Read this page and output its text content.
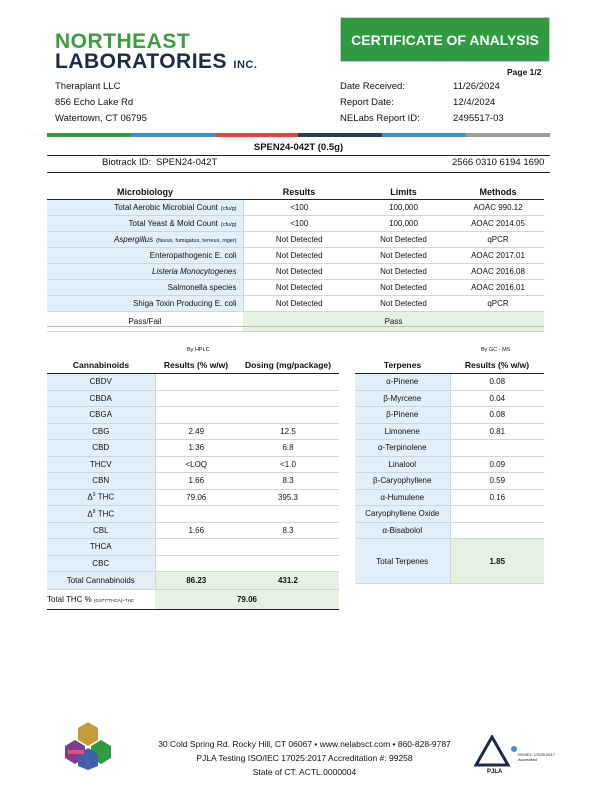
NORTHEAST
LABORATORIES INC.
CERTIFICATE OF ANALYSIS
Page 1/2
Theraplant LLC
856 Echo Lake Rd
Watertown, CT 06795
Date Received:	11/26/2024
Report Date:	12/4/2024
NELabs Report ID:	2495517-03
SPEN24-042T (0.5g)
Biotrack ID: SPEN24-042T	2566 0310 6194 1690
Microbiology	Results	Limits	Methods
Total Aerobic Microbial Count (cfu/g)	<100	100,000	AOAC 990.12
Total Yeast & Mold Count (cfu/g)	<100	100,000	AOAC 2014.05
Aspergillus (flavus, fumigatus, terreus, niger)	Not Detected	Not Detected	qPCR
Enteropathogenic E. coli	Not Detected	Not Detected	AOAC 2017.01
Listeria Monocytogenes	Not Detected	Not Detected	AOAC 2016.08
Salmonella species	Not Detected	Not Detected	AOAC 2016.01
Shiga Toxin Producing E. coli	Not Detected	Not Detected	qPCR
Pass/Fail	Pass		
By HPLC
Cannabinoids	Results (% w/w)	Dosing (mg/package)
CBDV		
CBDA		
CBGA		
CBG	2.49	12.5
CBD	1.36	6.8
THCV	<LOQ	<1.0
CBN	1.66	8.3
$\Delta^9$ THC	79.06	395.3
$\Delta^8$ THC		
CBL	1.66	8.3
THCA		
CBC		
Total Cannabinoids	86.23	431.2
Total THC % (0.877*THCA)+THC	79.06	
By GC - MS
Terpenes	Results (% w/w)
α-Pinene	0.08
β-Myrcene	0.04
β-Pinene	0.08
Limonene	0.81
α-Terpinolene	
Linalool	0.09
β-Caryophyllene	0.59
α-Humulene	0.16
Caryophyllene Oxide	
α-Bisabolol	
Total Terpenes	1.85
30 Cold Spring Rd. Rocky Hill, CT 06067 • www.nelabsct.com • 860-828-9787
PJLA Testing ISO/IEC 17025:2017 Accreditation #: 99258
State of CT: ACTL.0000004	PJLA
ISO/IEC 17025:2017 Accredited
